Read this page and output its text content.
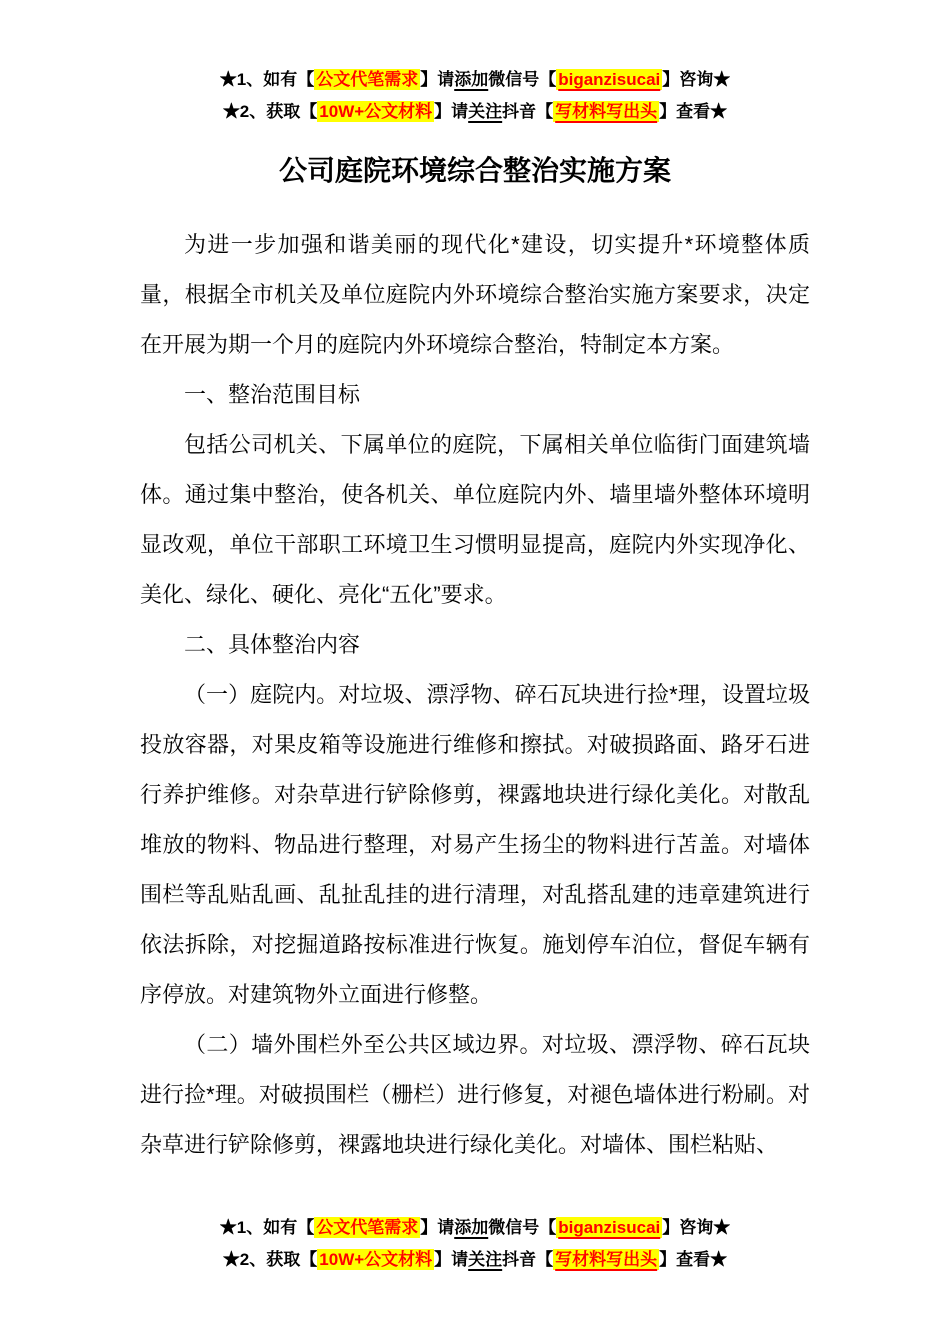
★1、如有【 公文代笔需求 】请添加微信号【 biganzisucai 】咨询★
★2、获取【 10W+公文材料 】请关注抖音【 写材料写出头 】查看★
公司庭院环境综合整治实施方案

为进一步加强和谐美丽的现代化*建设，切实提升*环境整体质量，根据全市机关及单位庭院内外环境综合整治实施方案要求，决定在开展为期一个月的庭院内外环境综合整治，特制定本方案。

一、整治范围目标

包括公司机关、下属单位的庭院，下属相关单位临街门面建筑墙体。通过集中整治，使各机关、单位庭院内外、墙里墙外整体环境明显改观，单位干部职工环境卫生习惯明显提高，庭院内外实现净化、美化、绿化、硬化、亮化“五化”要求。

二、具体整治内容

（一）庭院内。对垃圾、漂浮物、碎石瓦块进行捡*理，设置垃圾投放容器，对果皮箱等设施进行维修和擦拭。对破损路面、路牙石进行养护维修。对杂草进行铲除修剪，裸露地块进行绿化美化。对散乱堆放的物料、物品进行整理，对易产生扬尘的物料进行苫盖。对墙体围栏等乱贴乱画、乱扯乱挂的进行清理，对乱搭乱建的违章建筑进行依法拆除，对挖掘道路按标准进行恢复。施划停车泊位，督促车辆有序停放。对建筑物外立面进行修整。

（二）墙外围栏外至公共区域边界。对垃圾、漂浮物、碎石瓦块进行捡*理。对破损围栏（栅栏）进行修复，对褪色墙体进行粉刷。对杂草进行铲除修剪，裸露地块进行绿化美化。对墙体、围栏粘贴、

★1、如有【 公文代笔需求 】请添加微信号【 biganzisucai 】咨询★
★2、获取【 10W+公文材料 】请关注抖音【 写材料写出头 】查看★
